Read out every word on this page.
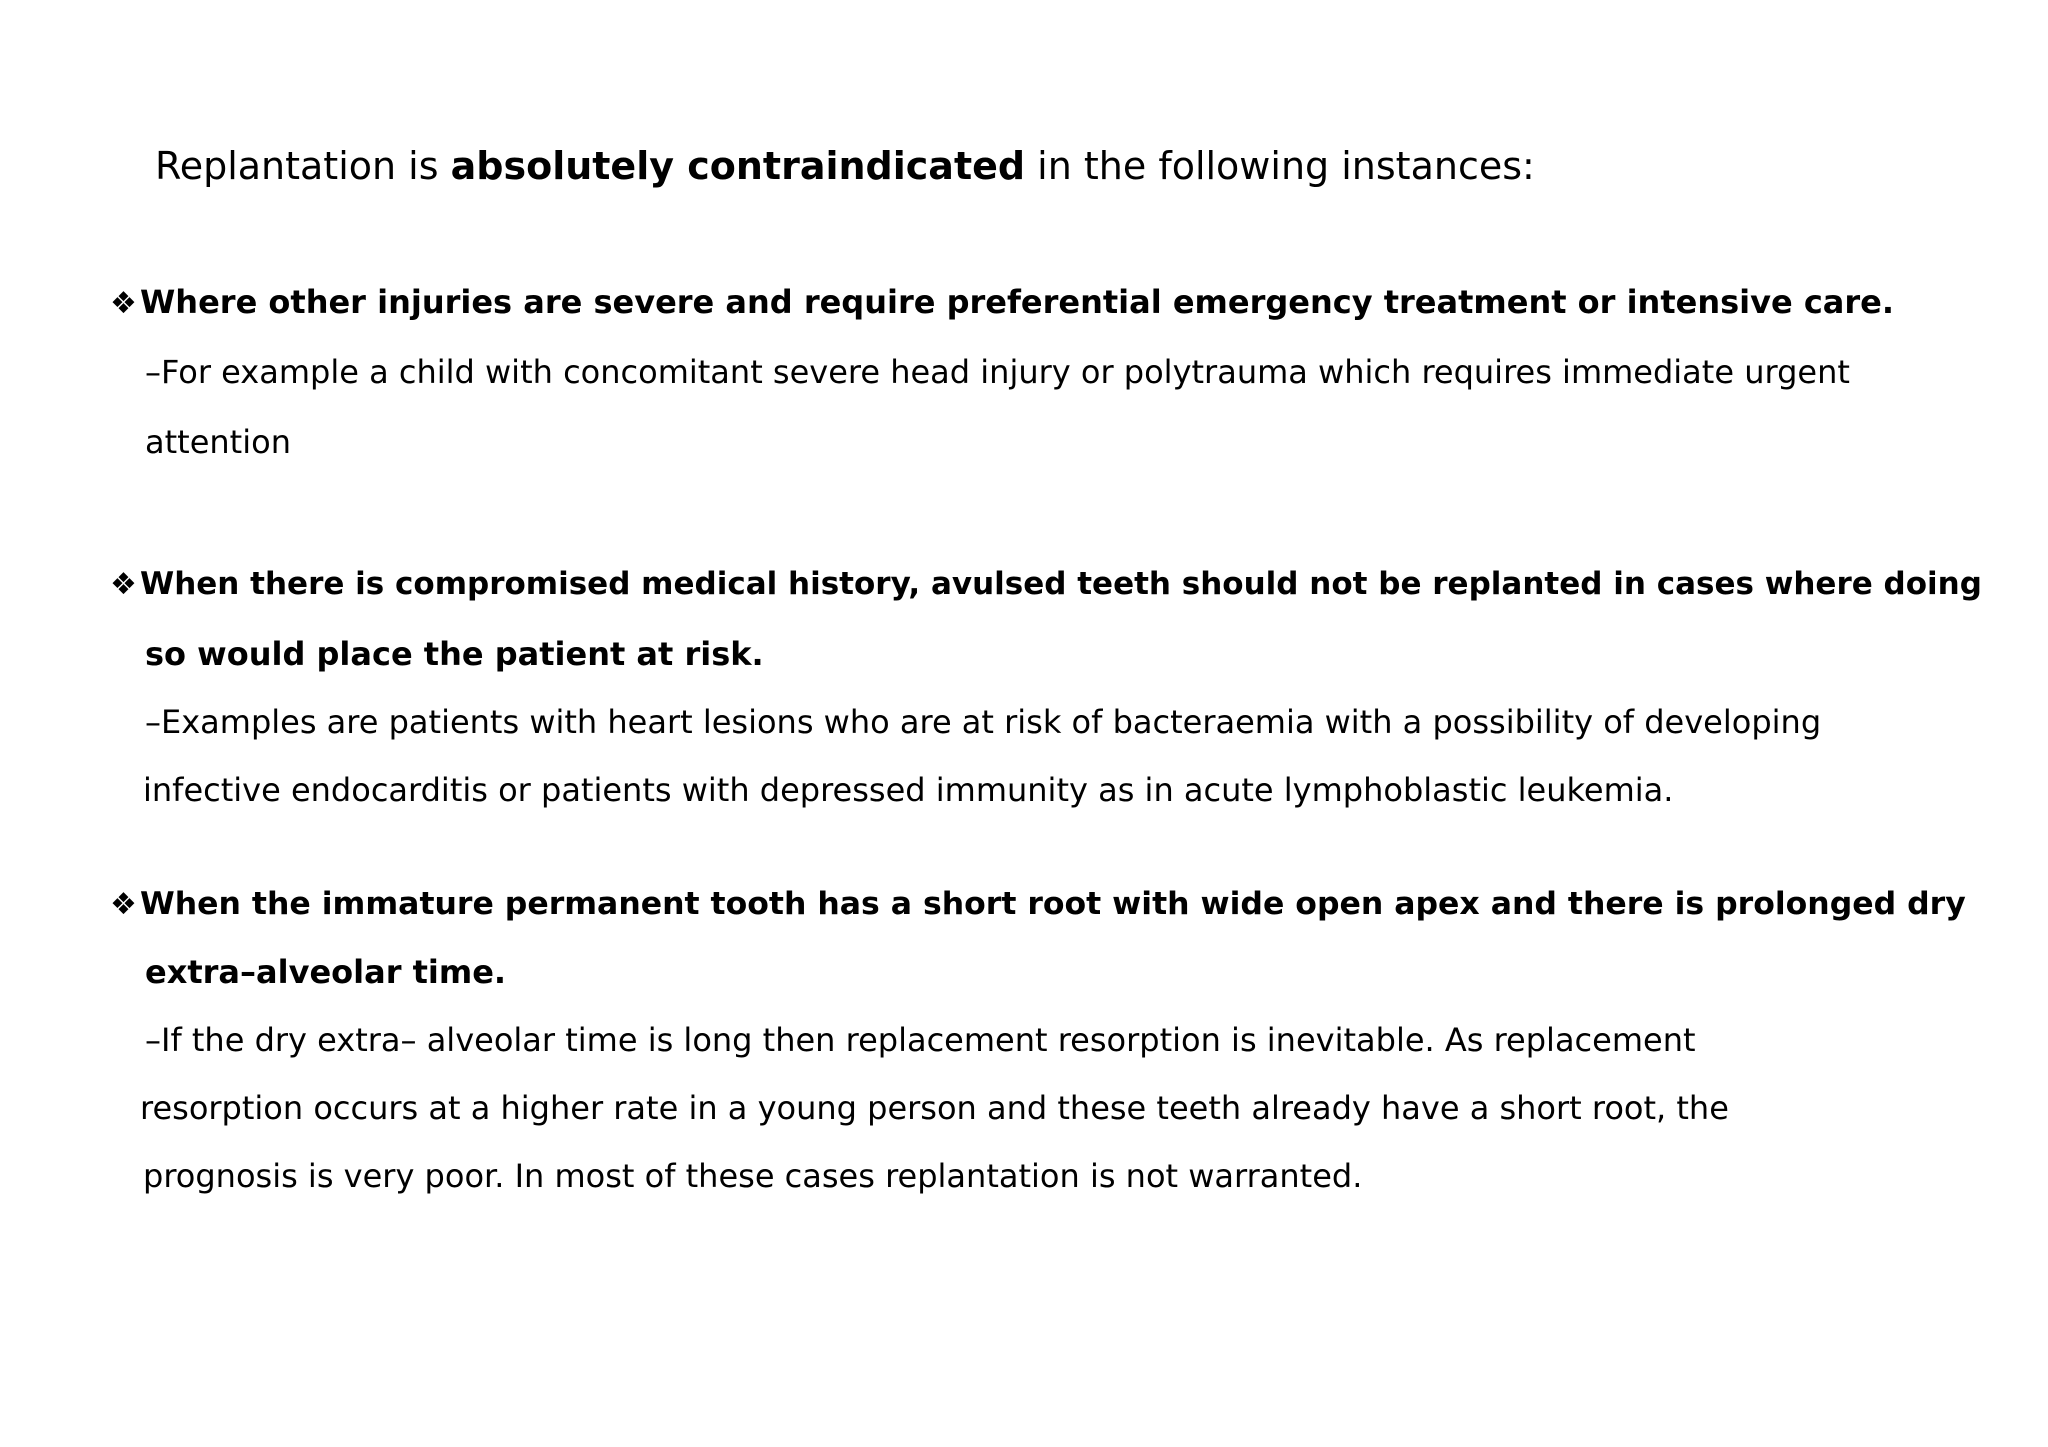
Replantation is absolutely contraindicated in the following instances:
❖Where other injuries are severe and require preferential emergency treatment or intensive care.
–For example a child with concomitant severe head injury or polytrauma which requires immediate urgent
attention
❖When there is compromised medical history, avulsed teeth should not be replanted in cases where doing
so would place the patient at risk.
–Examples are patients with heart lesions who are at risk of bacteraemia with a possibility of developing
infective endocarditis or patients with depressed immunity as in acute lymphoblastic leukemia.
❖When the immature permanent tooth has a short root with wide open apex and there is prolonged dry
extra–alveolar time.
–If the dry extra– alveolar time is long then replacement resorption is inevitable. As replacement
resorption occurs at a higher rate in a young person and these teeth already have a short root, the
prognosis is very poor. In most of these cases replantation is not warranted.
